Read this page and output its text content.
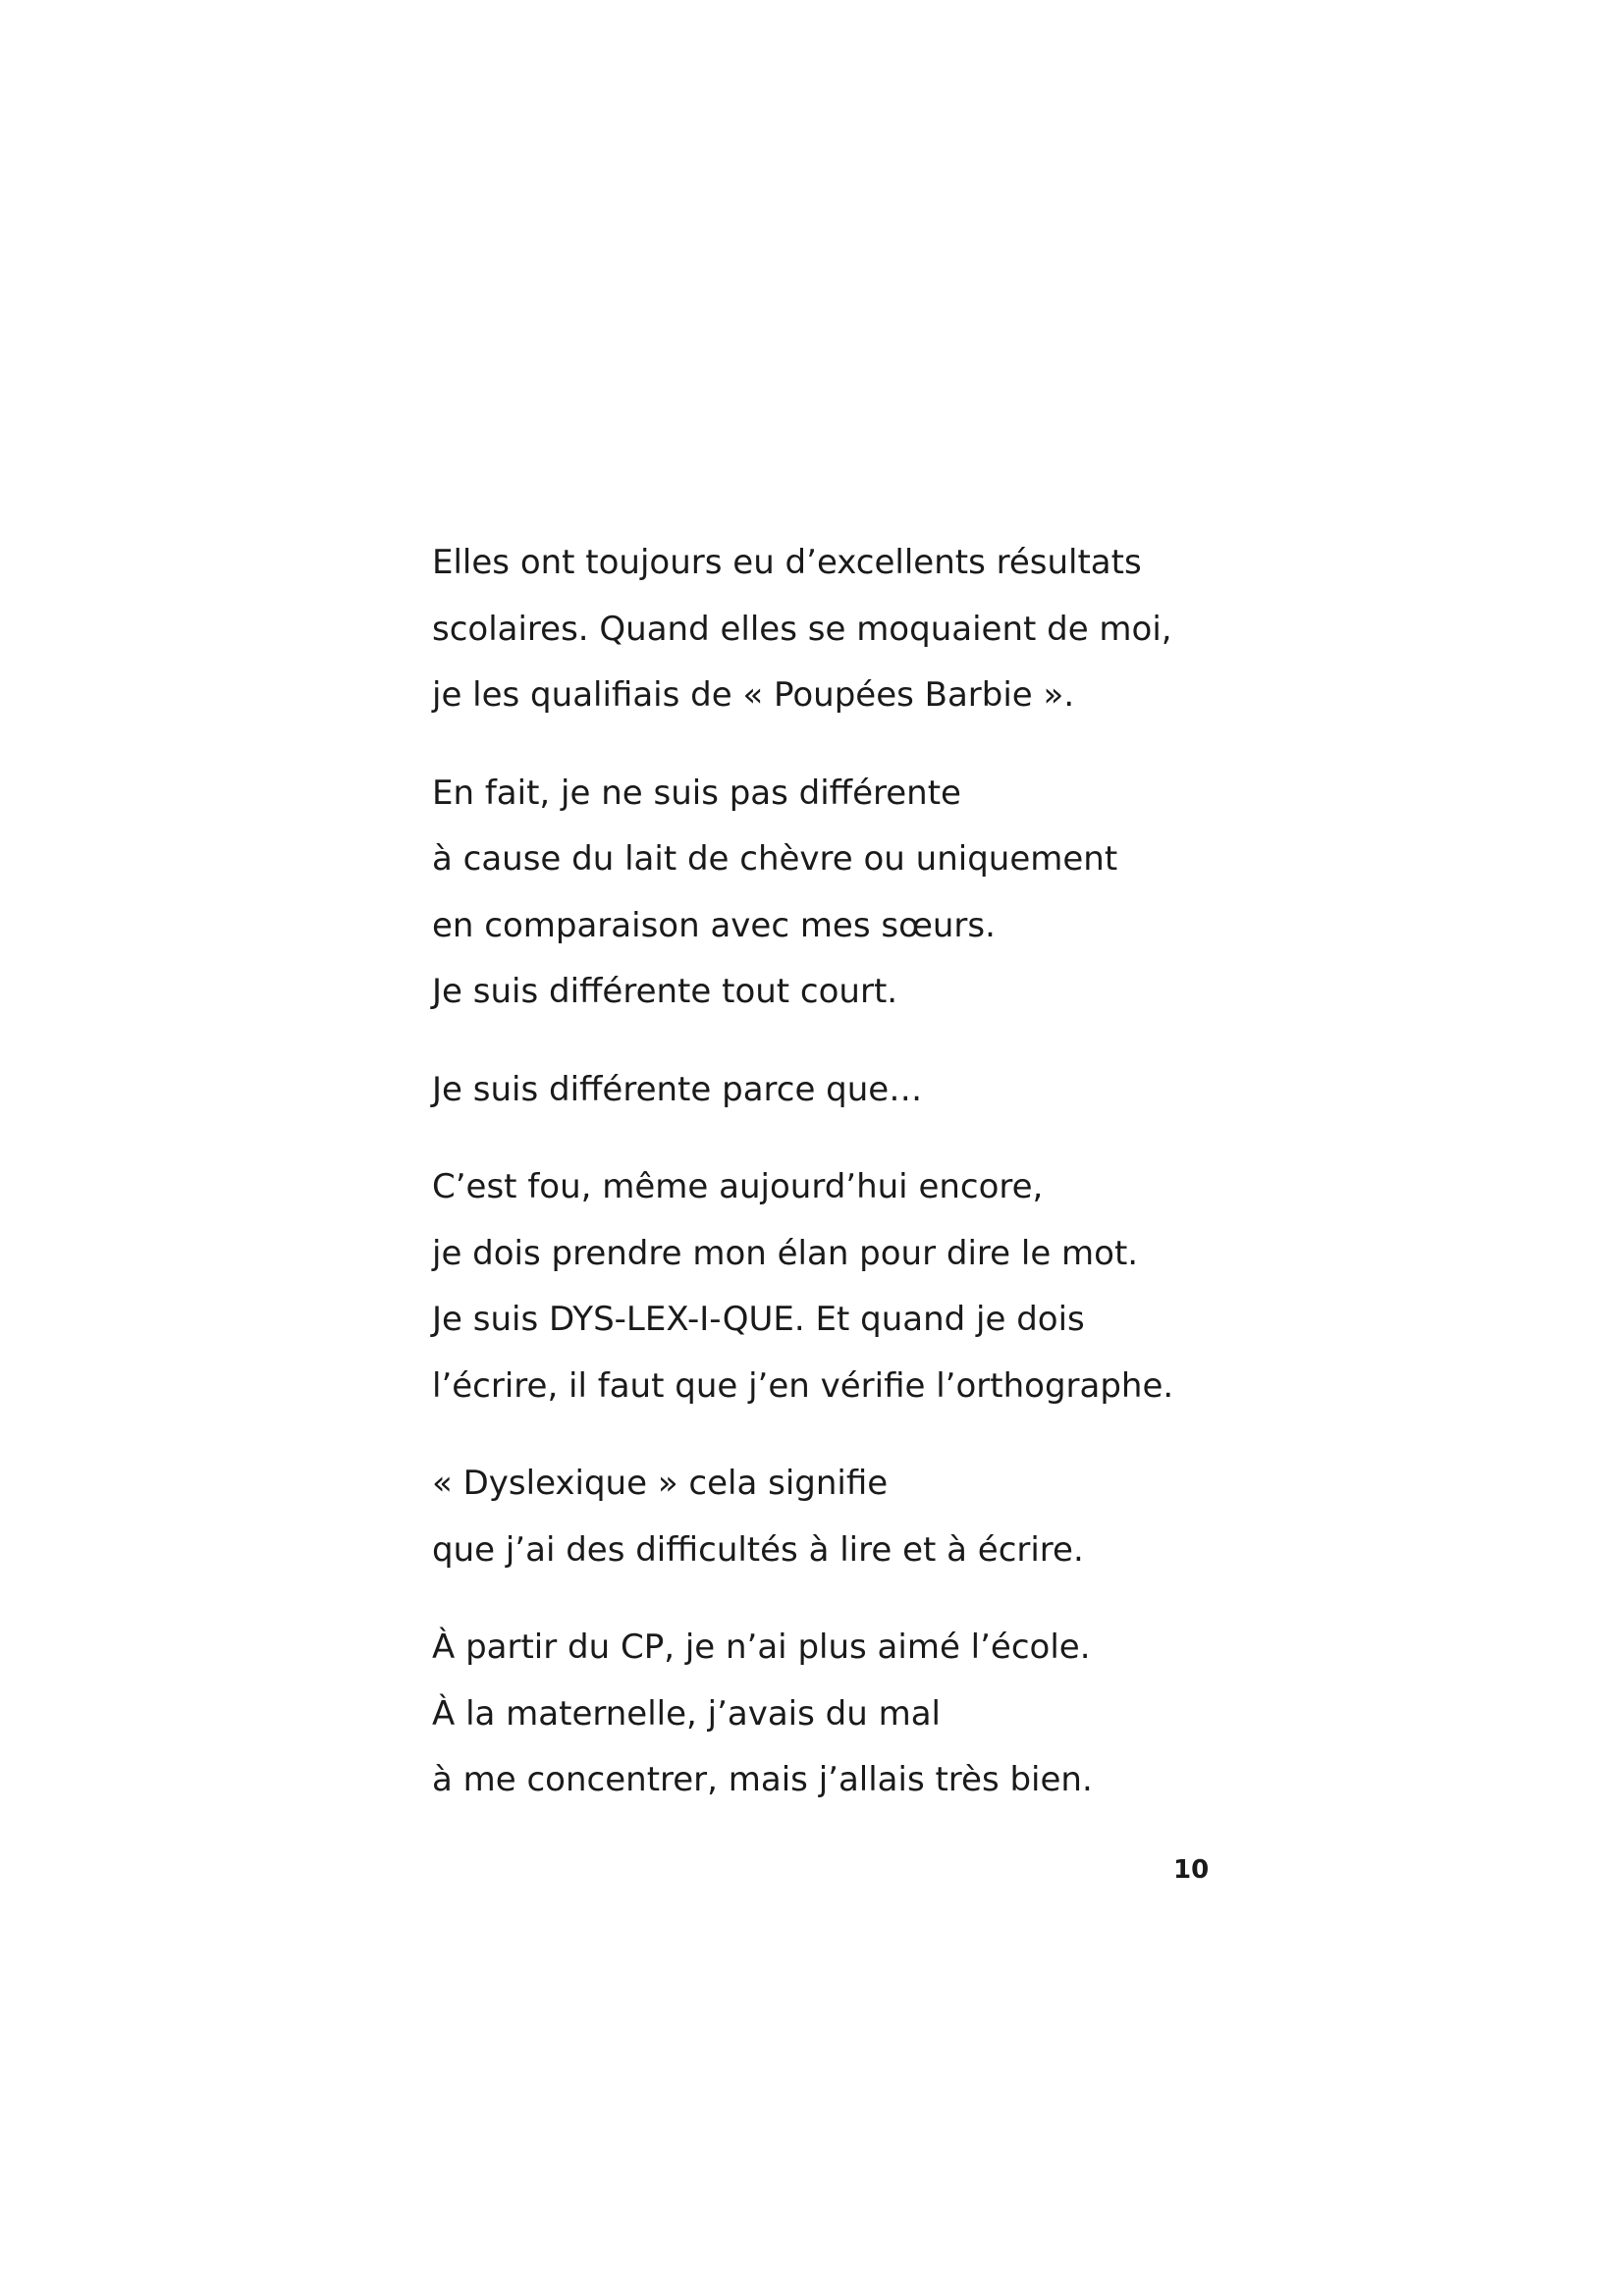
Elles ont toujours eu d’excellents résultats
scolaires. Quand elles se moquaient de moi,
je les qualifiais de « Poupées Barbie ».

En fait, je ne suis pas différente
à cause du lait de chèvre ou uniquement
en comparaison avec mes sœurs.
Je suis différente tout court.

Je suis différente parce que…

C’est fou, même aujourd’hui encore,
je dois prendre mon élan pour dire le mot.
Je suis DYS-LEX-I-QUE. Et quand je dois
l’écrire, il faut que j’en vérifie l’orthographe.

« Dyslexique » cela signifie
que j’ai des difficultés à lire et à écrire.

À partir du CP, je n’ai plus aimé l’école.
À la maternelle, j’avais du mal
à me concentrer, mais j’allais très bien.

10
